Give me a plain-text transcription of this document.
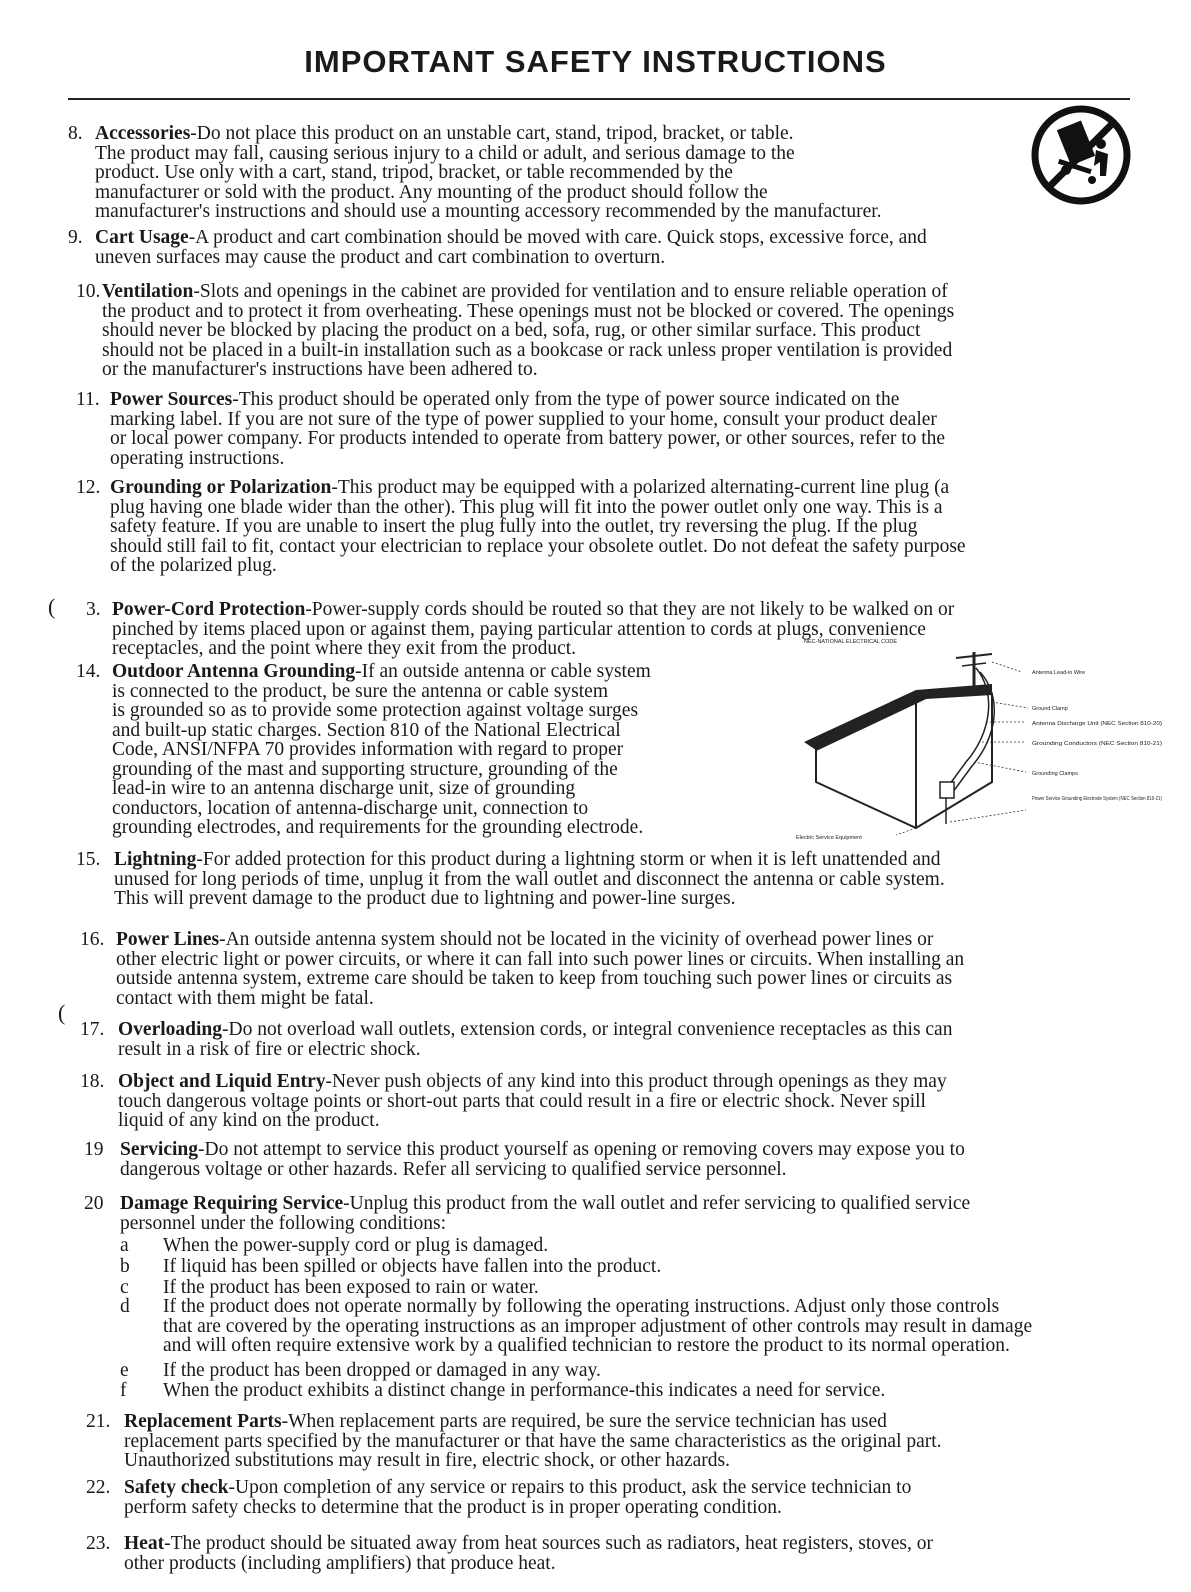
IMPORTANT SAFETY INSTRUCTIONS
(
(
8. Accessories-Do not place this product on an unstable cart, stand, tripod, bracket, or table.
The product may fall, causing serious injury to a child or adult, and serious damage to the
product. Use only with a cart, stand, tripod, bracket, or table recommended by the
manufacturer or sold with the product. Any mounting of the product should follow the
manufacturer's instructions and should use a mounting accessory recommended by the manufacturer.
9. Cart Usage-A product and cart combination should be moved with care. Quick stops, excessive force, and
uneven surfaces may cause the product and cart combination to overturn.
10. Ventilation-Slots and openings in the cabinet are provided for ventilation and to ensure reliable operation of
the product and to protect it from overheating. These openings must not be blocked or covered. The openings
should never be blocked by placing the product on a bed, sofa, rug, or other similar surface. This product
should not be placed in a built-in installation such as a bookcase or rack unless proper ventilation is provided
or the manufacturer's instructions have been adhered to.
11. Power Sources-This product should be operated only from the type of power source indicated on the
marking label. If you are not sure of the type of power supplied to your home, consult your product dealer
or local power company. For products intended to operate from battery power, or other sources, refer to the
operating instructions.
12. Grounding or Polarization-This product may be equipped with a polarized alternating-current line plug (a
plug having one blade wider than the other). This plug will fit into the power outlet only one way. This is a
safety feature. If you are unable to insert the plug fully into the outlet, try reversing the plug. If the plug
should still fail to fit, contact your electrician to replace your obsolete outlet. Do not defeat the safety purpose
of the polarized plug.
3. Power-Cord Protection-Power-supply cords should be routed so that they are not likely to be walked on or
pinched by items placed upon or against them, paying particular attention to cords at plugs, convenience
receptacles, and the point where they exit from the product.
14. Outdoor Antenna Grounding-If an outside antenna or cable system
is connected to the product, be sure the antenna or cable system
is grounded so as to provide some protection against voltage surges
and built-up static charges. Section 810 of the National Electrical
Code, ANSI/NFPA 70 provides information with regard to proper
grounding of the mast and supporting structure, grounding of the
lead-in wire to an antenna discharge unit, size of grounding
conductors, location of antenna-discharge unit, connection to
grounding electrodes, and requirements for the grounding electrode.
NEC-NATIONAL ELECTRICAL CODE
Antenna Lead-in Wire
Ground Clamp
Antenna Discharge Unit (NEC Section 810-20)
Grounding Conductors (NEC Section 810-21)
Grounding Clamps
Power Service Grounding Electrode System (NEC Section 810-21)
Electric Service Equipment
15. Lightning-For added protection for this product during a lightning storm or when it is left unattended and
unused for long periods of time, unplug it from the wall outlet and disconnect the antenna or cable system.
This will prevent damage to the product due to lightning and power-line surges.
16. Power Lines-An outside antenna system should not be located in the vicinity of overhead power lines or
other electric light or power circuits, or where it can fall into such power lines or circuits. When installing an
outside antenna system, extreme care should be taken to keep from touching such power lines or circuits as
contact with them might be fatal.
17. Overloading-Do not overload wall outlets, extension cords, or integral convenience receptacles as this can
result in a risk of fire or electric shock.
18. Object and Liquid Entry-Never push objects of any kind into this product through openings as they may
touch dangerous voltage points or short-out parts that could result in a fire or electric shock. Never spill
liquid of any kind on the product.
19 Servicing-Do not attempt to service this product yourself as opening or removing covers may expose you to
dangerous voltage or other hazards. Refer all servicing to qualified service personnel.
20 Damage Requiring Service-Unplug this product from the wall outlet and refer servicing to qualified service
personnel under the following conditions:
a When the power-supply cord or plug is damaged.
b If liquid has been spilled or objects have fallen into the product.
c If the product has been exposed to rain or water.
d If the product does not operate normally by following the operating instructions. Adjust only those controls
that are covered by the operating instructions as an improper adjustment of other controls may result in damage
and will often require extensive work by a qualified technician to restore the product to its normal operation.
e If the product has been dropped or damaged in any way.
f When the product exhibits a distinct change in performance-this indicates a need for service.
21. Replacement Parts-When replacement parts are required, be sure the service technician has used
replacement parts specified by the manufacturer or that have the same characteristics as the original part.
Unauthorized substitutions may result in fire, electric shock, or other hazards.
22. Safety check-Upon completion of any service or repairs to this product, ask the service technician to
perform safety checks to determine that the product is in proper operating condition.
23. Heat-The product should be situated away from heat sources such as radiators, heat registers, stoves, or
other products (including amplifiers) that produce heat.
